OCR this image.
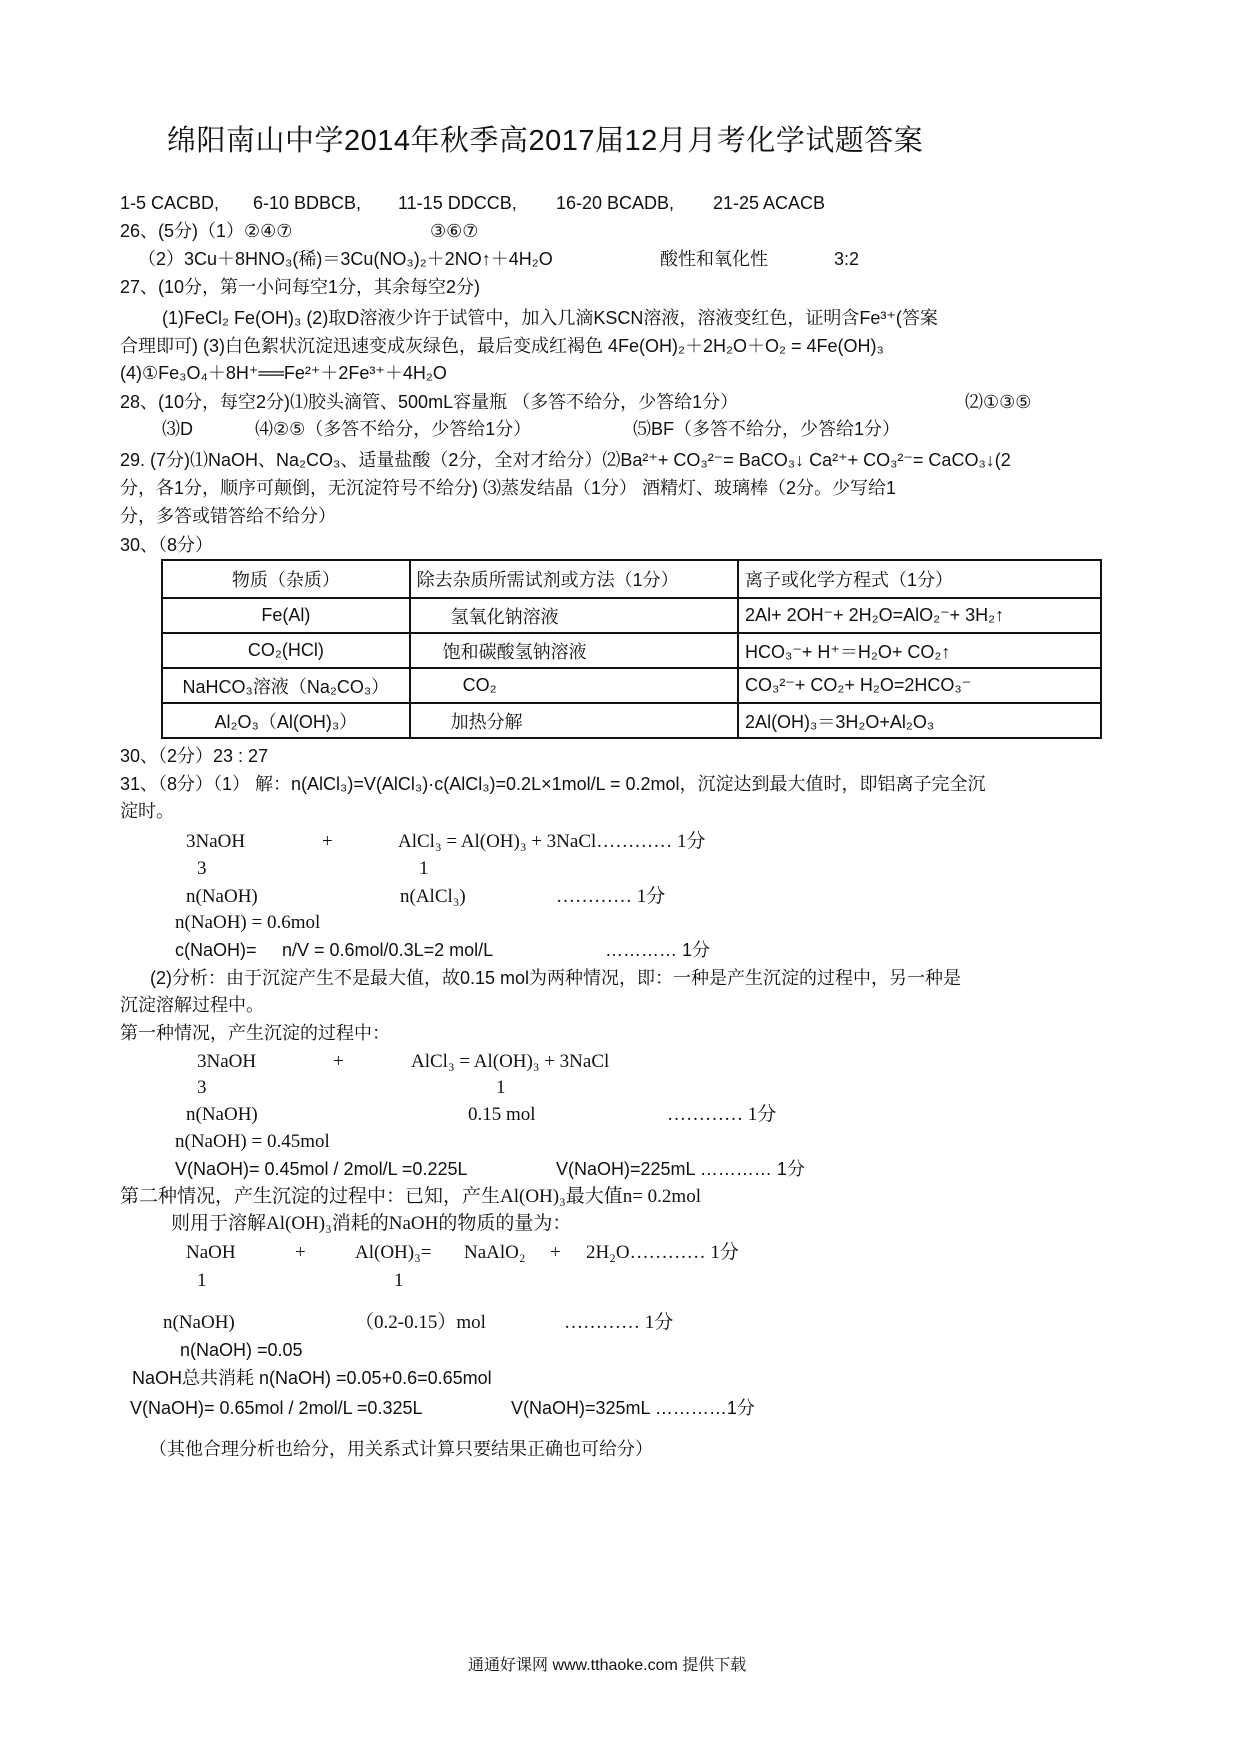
绵阳南山中学2014年秋季高2017届12月月考化学试题答案
1-5 CACBD, 6-10 BDBCB, 11-15 DDCCB, 16-20 BCADB, 21-25 ACACB
26、(5分)（1）②④⑦	③⑥⑦
（2）3Cu＋8HNO₃(稀)＝3Cu(NO₃)₂＋2NO↑＋4H₂O	酸性和氧化性	3:2
27、(10分，第一小问每空1分，其余每空2分)
(1)FeCl₂ Fe(OH)₃ (2)取D溶液少许于试管中，加入几滴KSCN溶液，溶液变红色，证明含Fe³⁺(答案
合理即可) (3)白色絮状沉淀迅速变成灰绿色，最后变成红褐色 4Fe(OH)₂＋2H₂O＋O₂ = 4Fe(OH)₃
(4)①Fe₃O₄＋8H⁺══Fe²⁺＋2Fe³⁺＋4H₂O
28、(10分，每空2分)⑴胶头滴管、500mL容量瓶 （多答不给分，少答给1分）	⑵①③⑤
⑶D	⑷②⑤（多答不给分，少答给1分）	⑸BF（多答不给分，少答给1分）
29. (7分)⑴NaOH、Na₂CO₃、适量盐酸（2分，全对才给分）⑵Ba²⁺+ CO₃²⁻= BaCO₃↓ Ca²⁺+ CO₃²⁻= CaCO₃↓(2
分，各1分，顺序可颠倒，无沉淀符号不给分) ⑶蒸发结晶（1分） 酒精灯、玻璃棒（2分。少写给1
分，多答或错答给不给分）
30、（8分）
物质（杂质）	除去杂质所需试剂或方法（1分）	离子或化学方程式（1分）
Fe(Al)	氢氧化钠溶液	2Al+ 2OH⁻+ 2H₂O=AlO₂⁻+ 3H₂↑
CO₂(HCl)	饱和碳酸氢钠溶液	HCO₃⁻+ H⁺＝H₂O+ CO₂↑
NaHCO₃溶液（Na₂CO₃）	CO₂	CO₃²⁻+ CO₂+ H₂O=2HCO₃⁻
Al₂O₃（Al(OH)₃）	加热分解	2Al(OH)₃＝3H₂O+Al₂O₃
30、（2分）23 : 27
31、（8分）（1） 解：n(AlCl₃)=V(AlCl₃)·c(AlCl₃)=0.2L×1mol/L = 0.2mol，沉淀达到最大值时，即铝离子完全沉
淀时。
3NaOH	+	AlCl₃ = Al(OH)₃ + 3NaCl………… 1分
3	1
n(NaOH)	n(AlCl₃)	………… 1分
n(NaOH) = 0.6mol
c(NaOH)= n/V = 0.6mol/0.3L=2 mol/L	………… 1分
(2)分析：由于沉淀产生不是最大值，故0.15 mol为两种情况，即：一种是产生沉淀的过程中，另一种是
沉淀溶解过程中。
第一种情况，产生沉淀的过程中：
3NaOH	+	AlCl₃ = Al(OH)₃ + 3NaCl
3	1
n(NaOH)	0.15 mol	………… 1分
n(NaOH) = 0.45mol
V(NaOH)= 0.45mol / 2mol/L =0.225L	V(NaOH)=225mL ………… 1分
第二种情况，产生沉淀的过程中：已知，产生Al(OH)₃最大值n= 0.2mol
则用于溶解Al(OH)₃消耗的NaOH的物质的量为：
NaOH	+	Al(OH)₃= NaAlO₂ + 2H₂O………… 1分
1	1
n(NaOH)	（0.2-0.15）mol	………… 1分
n(NaOH) =0.05
NaOH总共消耗 n(NaOH) =0.05+0.6=0.65mol
V(NaOH)= 0.65mol / 2mol/L =0.325L	V(NaOH)=325mL …………1分
（其他合理分析也给分，用关系式计算只要结果正确也可给分）
通通好课网 www.tthaoke.com 提供下载
